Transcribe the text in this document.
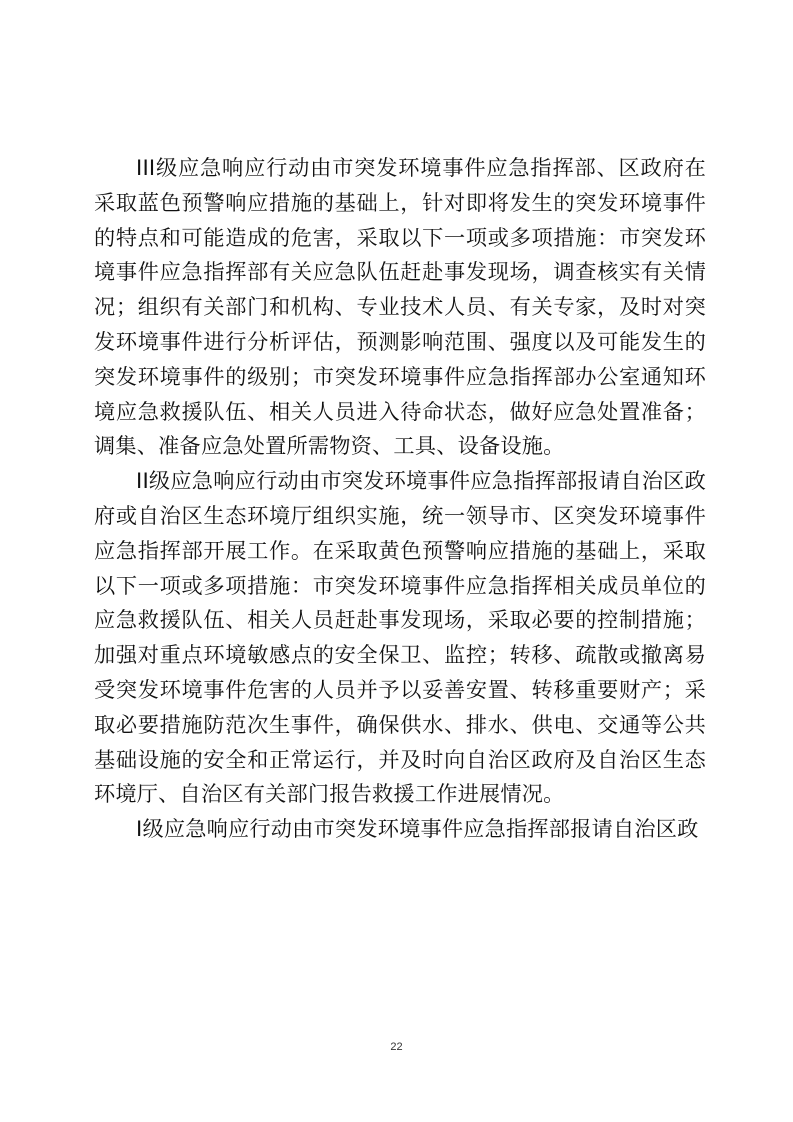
III级应急响应行动由市突发环境事件应急指挥部、区政府在采取蓝色预警响应措施的基础上，针对即将发生的突发环境事件的特点和可能造成的危害，采取以下一项或多项措施：市突发环境事件应急指挥部有关应急队伍赶赴事发现场，调查核实有关情况；组织有关部门和机构、专业技术人员、有关专家，及时对突发环境事件进行分析评估，预测影响范围、强度以及可能发生的突发环境事件的级别；市突发环境事件应急指挥部办公室通知环境应急救援队伍、相关人员进入待命状态，做好应急处置准备；调集、准备应急处置所需物资、工具、设备设施。

II级应急响应行动由市突发环境事件应急指挥部报请自治区政府或自治区生态环境厅组织实施，统一领导市、区突发环境事件应急指挥部开展工作。在采取黄色预警响应措施的基础上，采取以下一项或多项措施：市突发环境事件应急指挥相关成员单位的应急救援队伍、相关人员赶赴事发现场，采取必要的控制措施；加强对重点环境敏感点的安全保卫、监控；转移、疏散或撤离易受突发环境事件危害的人员并予以妥善安置、转移重要财产；采取必要措施防范次生事件，确保供水、排水、供电、交通等公共基础设施的安全和正常运行，并及时向自治区政府及自治区生态环境厅、自治区有关部门报告救援工作进展情况。

I级应急响应行动由市突发环境事件应急指挥部报请自治区政

22
